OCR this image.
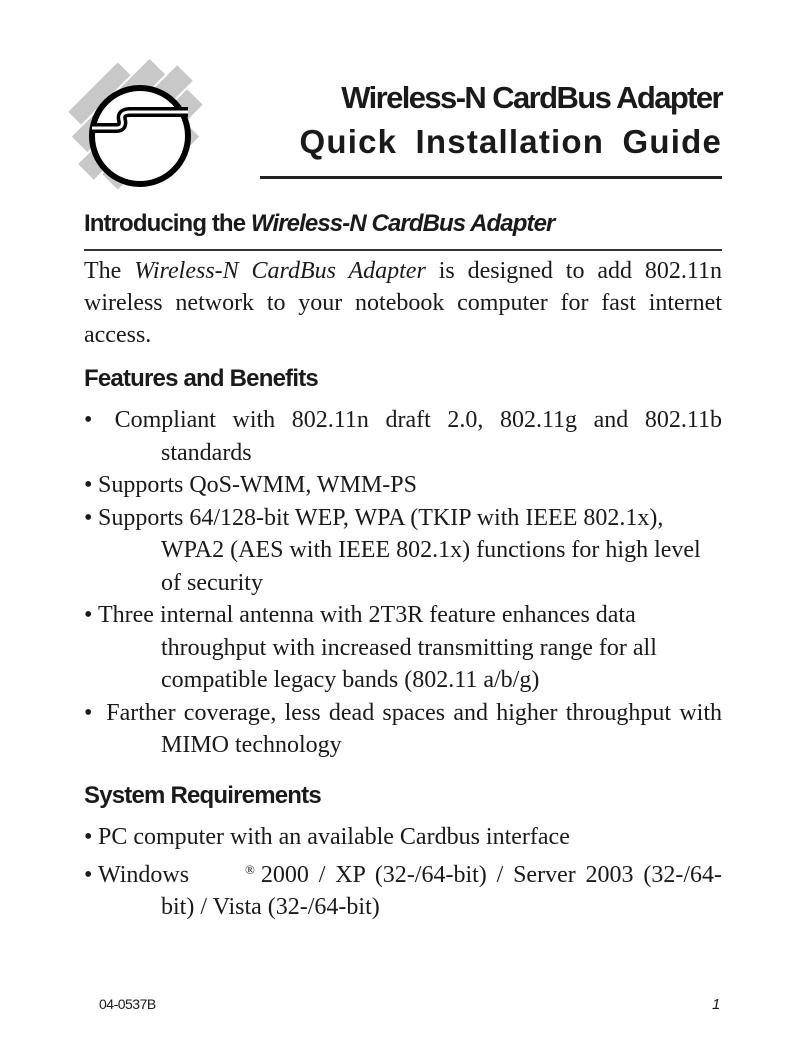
Wireless-N CardBus Adapter
Quick Installation Guide
Introducing the Wireless-N CardBus Adapter
The Wireless-N CardBus Adapter is designed to add 802.11n wireless network to your notebook computer for fast internet access.
Features and Benefits
• Compliant with 802.11n draft 2.0, 802.11g and 802.11b standards
• Supports QoS-WMM, WMM-PS
• Supports 64/128-bit WEP, WPA (TKIP with IEEE 802.1x), WPA2 (AES with IEEE 802.1x) functions for high level of security
• Three internal antenna with 2T3R feature enhances data throughput with increased transmitting range for all compatible legacy bands (802.11 a/b/g)
• Farther coverage, less dead spaces and higher throughput with MIMO technology
System Requirements
• PC computer with an available Cardbus interface
• Windows	® 2000 / XP (32-/64-bit) / Server 2003 (32-/64-bit) / Vista (32-/64-bit)
04-0537B	1
